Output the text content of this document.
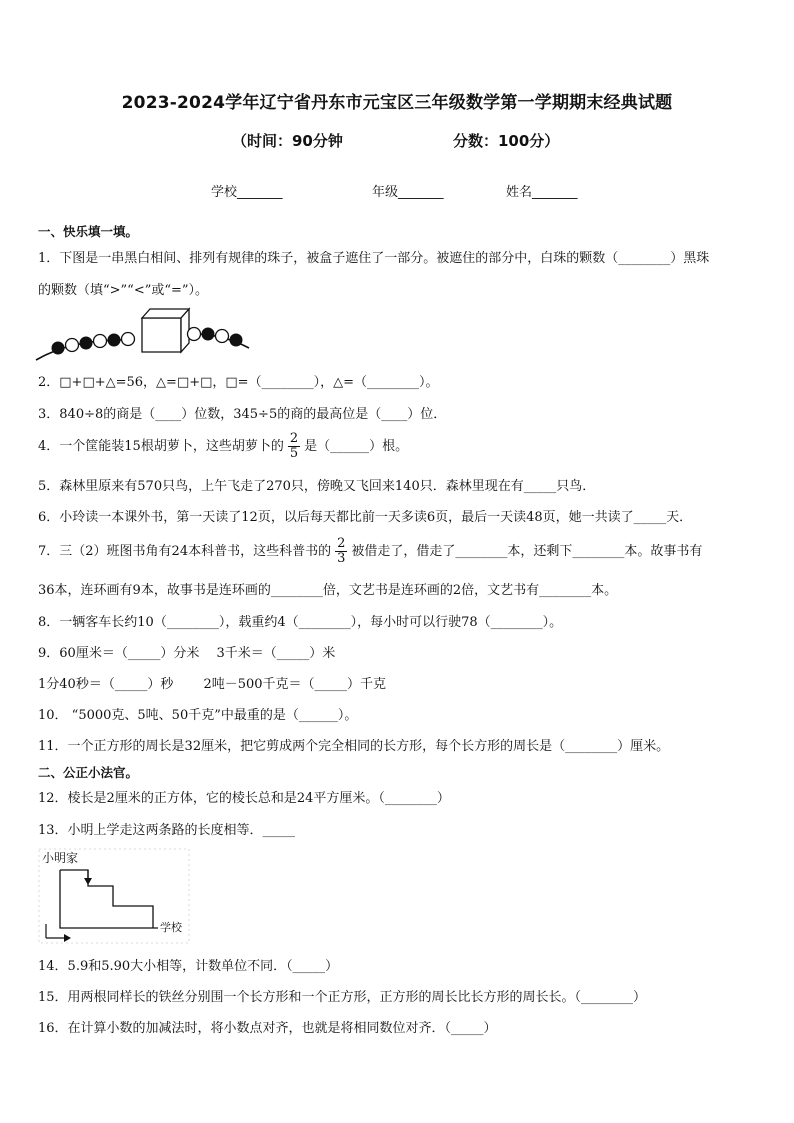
2023-2024学年辽宁省丹东市元宝区三年级数学第一学期期末经典试题
（时间：90分钟	分数：100分）
学校_______	年级_______	姓名_______
一、快乐填一填。
1．下图是一串黑白相间、排列有规律的珠子，被盒子遮住了一部分。被遮住的部分中，白珠的颗数（________）黑珠
的颗数（填“>”“<”或“=”）。
2．□+□+△=56，△=□+□，□=（________），△=（________）。
3．840÷8的商是（____）位数，345÷5的商的最高位是（____）位．
4．一个筐能装15根胡萝卜，这些胡萝卜的 $\frac{2}{5}$ 是（______）根。
5．森林里原来有570只鸟，上午飞走了270只，傍晚又飞回来140只．森林里现在有_____只鸟．
6．小玲读一本课外书，第一天读了12页，以后每天都比前一天多读6页，最后一天读48页，她一共读了_____天．
7．三（2）班图书角有24本科普书，这些科普书的 $\frac{2}{3}$ 被借走了，借走了________本，还剩下________本。故事书有
36本，连环画有9本，故事书是连环画的________倍，文艺书是连环画的2倍，文艺书有________本。
8．一辆客车长约10（________），载重约4（________），每小时可以行驶78（________）。
9．60厘米＝（_____）分米　 3千米＝（_____）米
1分40秒＝（_____）秒　　 2吨－500千克＝（_____）千克
10． “5000克、5吨、50千克”中最重的是（______）。
11．一个正方形的周长是32厘米，把它剪成两个完全相同的长方形，每个长方形的周长是（________）厘米。
二、公正小法官。
12．棱长是2厘米的正方体，它的棱长总和是24平方厘米。（________）
13．小明上学走这两条路的长度相等．_____
小明家
学校
14．5.9和5.90大小相等，计数单位不同．（_____）
15．用两根同样长的铁丝分别围一个长方形和一个正方形，正方形的周长比长方形的周长长。（________）
16．在计算小数的加减法时，将小数点对齐，也就是将相同数位对齐．（_____）
